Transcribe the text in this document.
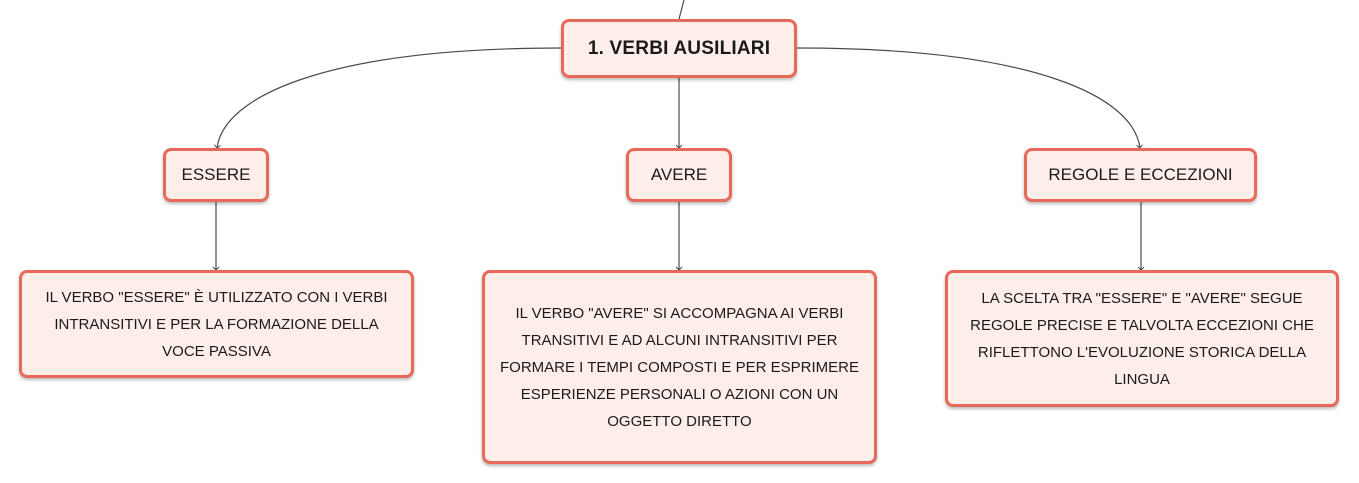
1. VERBI AUSILIARI
ESSERE	AVERE	REGOLE E ECCEZIONI
IL VERBO "ESSERE" È UTILIZZATO CON I VERBI INTRANSITIVI E PER LA FORMAZIONE DELLA VOCE PASSIVA
IL VERBO "AVERE" SI ACCOMPAGNA AI VERBI TRANSITIVI E AD ALCUNI INTRANSITIVI PER FORMARE I TEMPI COMPOSTI E PER ESPRIMERE ESPERIENZE PERSONALI O AZIONI CON UN OGGETTO DIRETTO
LA SCELTA TRA "ESSERE" E "AVERE" SEGUE REGOLE PRECISE E TALVOLTA ECCEZIONI CHE RIFLETTONO L'EVOLUZIONE STORICA DELLA LINGUA
